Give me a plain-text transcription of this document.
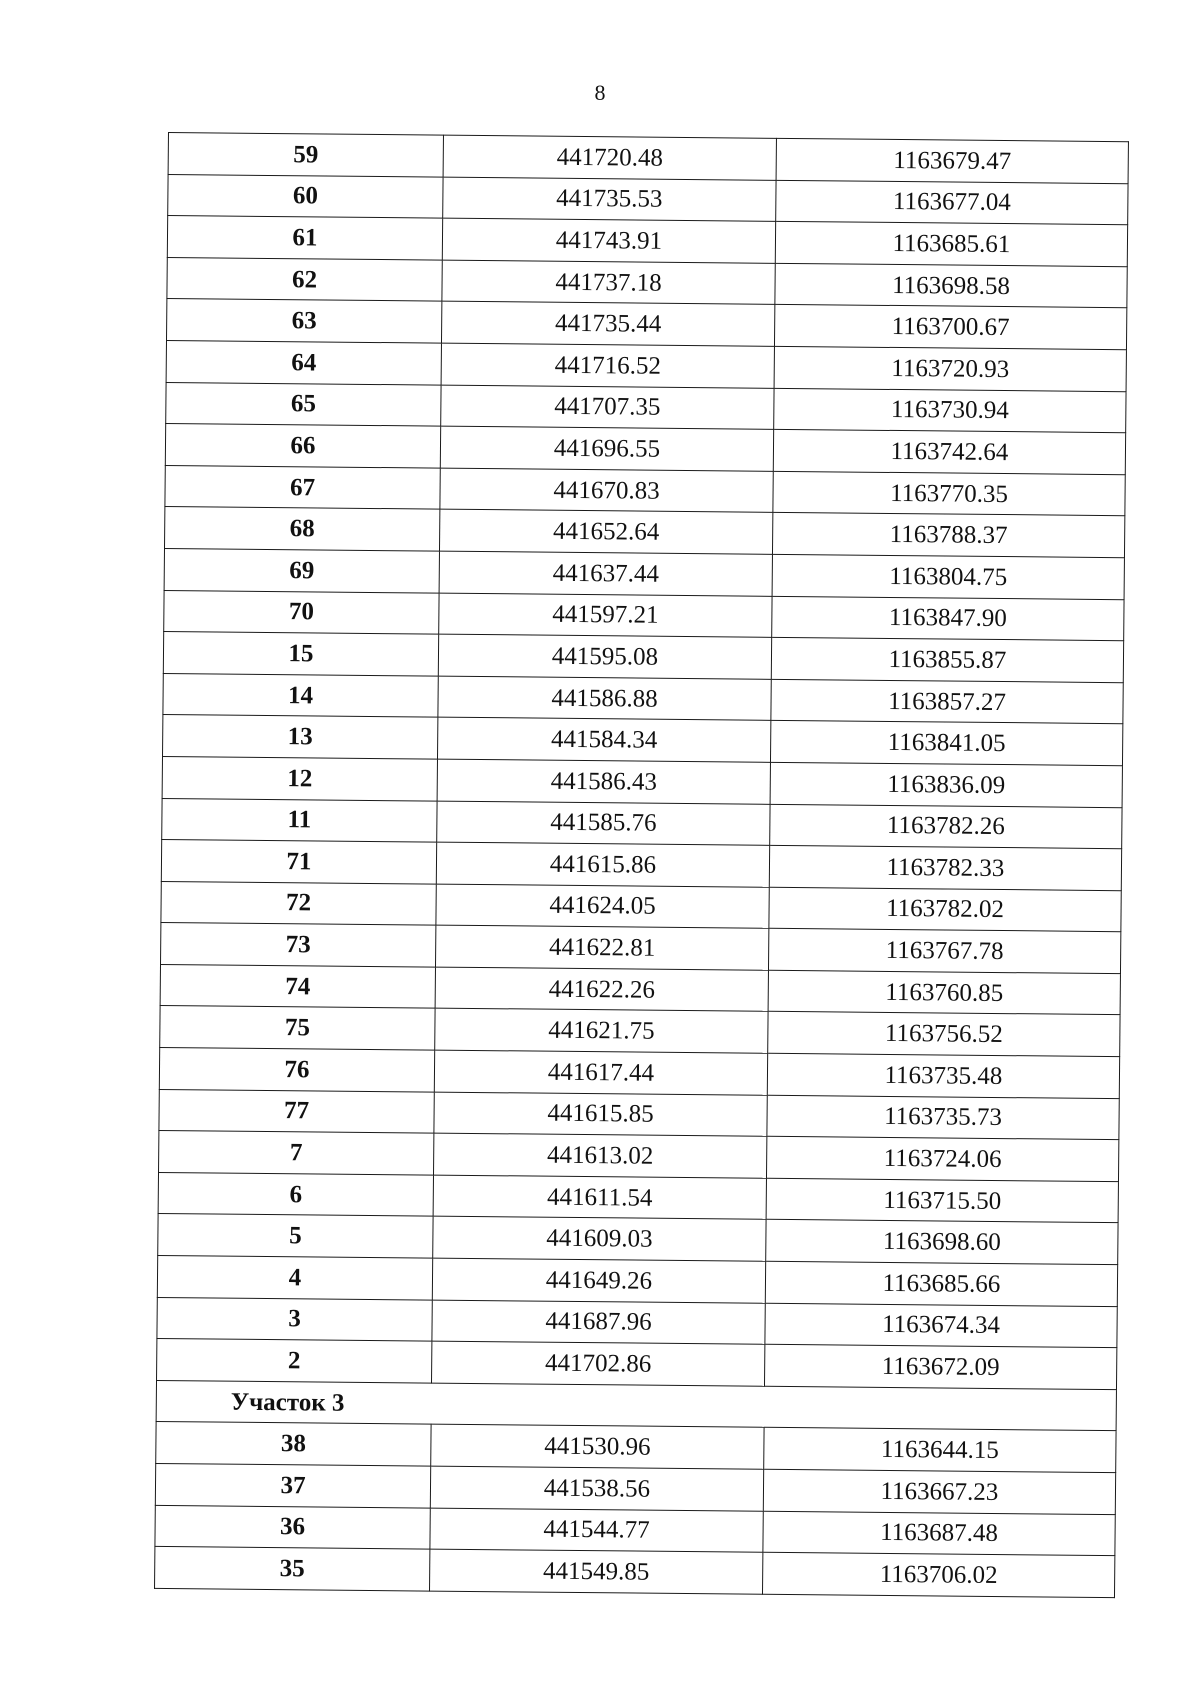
8
59	441720.48	1163679.47
60	441735.53	1163677.04
61	441743.91	1163685.61
62	441737.18	1163698.58
63	441735.44	1163700.67
64	441716.52	1163720.93
65	441707.35	1163730.94
66	441696.55	1163742.64
67	441670.83	1163770.35
68	441652.64	1163788.37
69	441637.44	1163804.75
70	441597.21	1163847.90
15	441595.08	1163855.87
14	441586.88	1163857.27
13	441584.34	1163841.05
12	441586.43	1163836.09
11	441585.76	1163782.26
71	441615.86	1163782.33
72	441624.05	1163782.02
73	441622.81	1163767.78
74	441622.26	1163760.85
75	441621.75	1163756.52
76	441617.44	1163735.48
77	441615.85	1163735.73
7	441613.02	1163724.06
6	441611.54	1163715.50
5	441609.03	1163698.60
4	441649.26	1163685.66
3	441687.96	1163674.34
2	441702.86	1163672.09
Участок 3		
38	441530.96	1163644.15
37	441538.56	1163667.23
36	441544.77	1163687.48
35	441549.85	1163706.02
